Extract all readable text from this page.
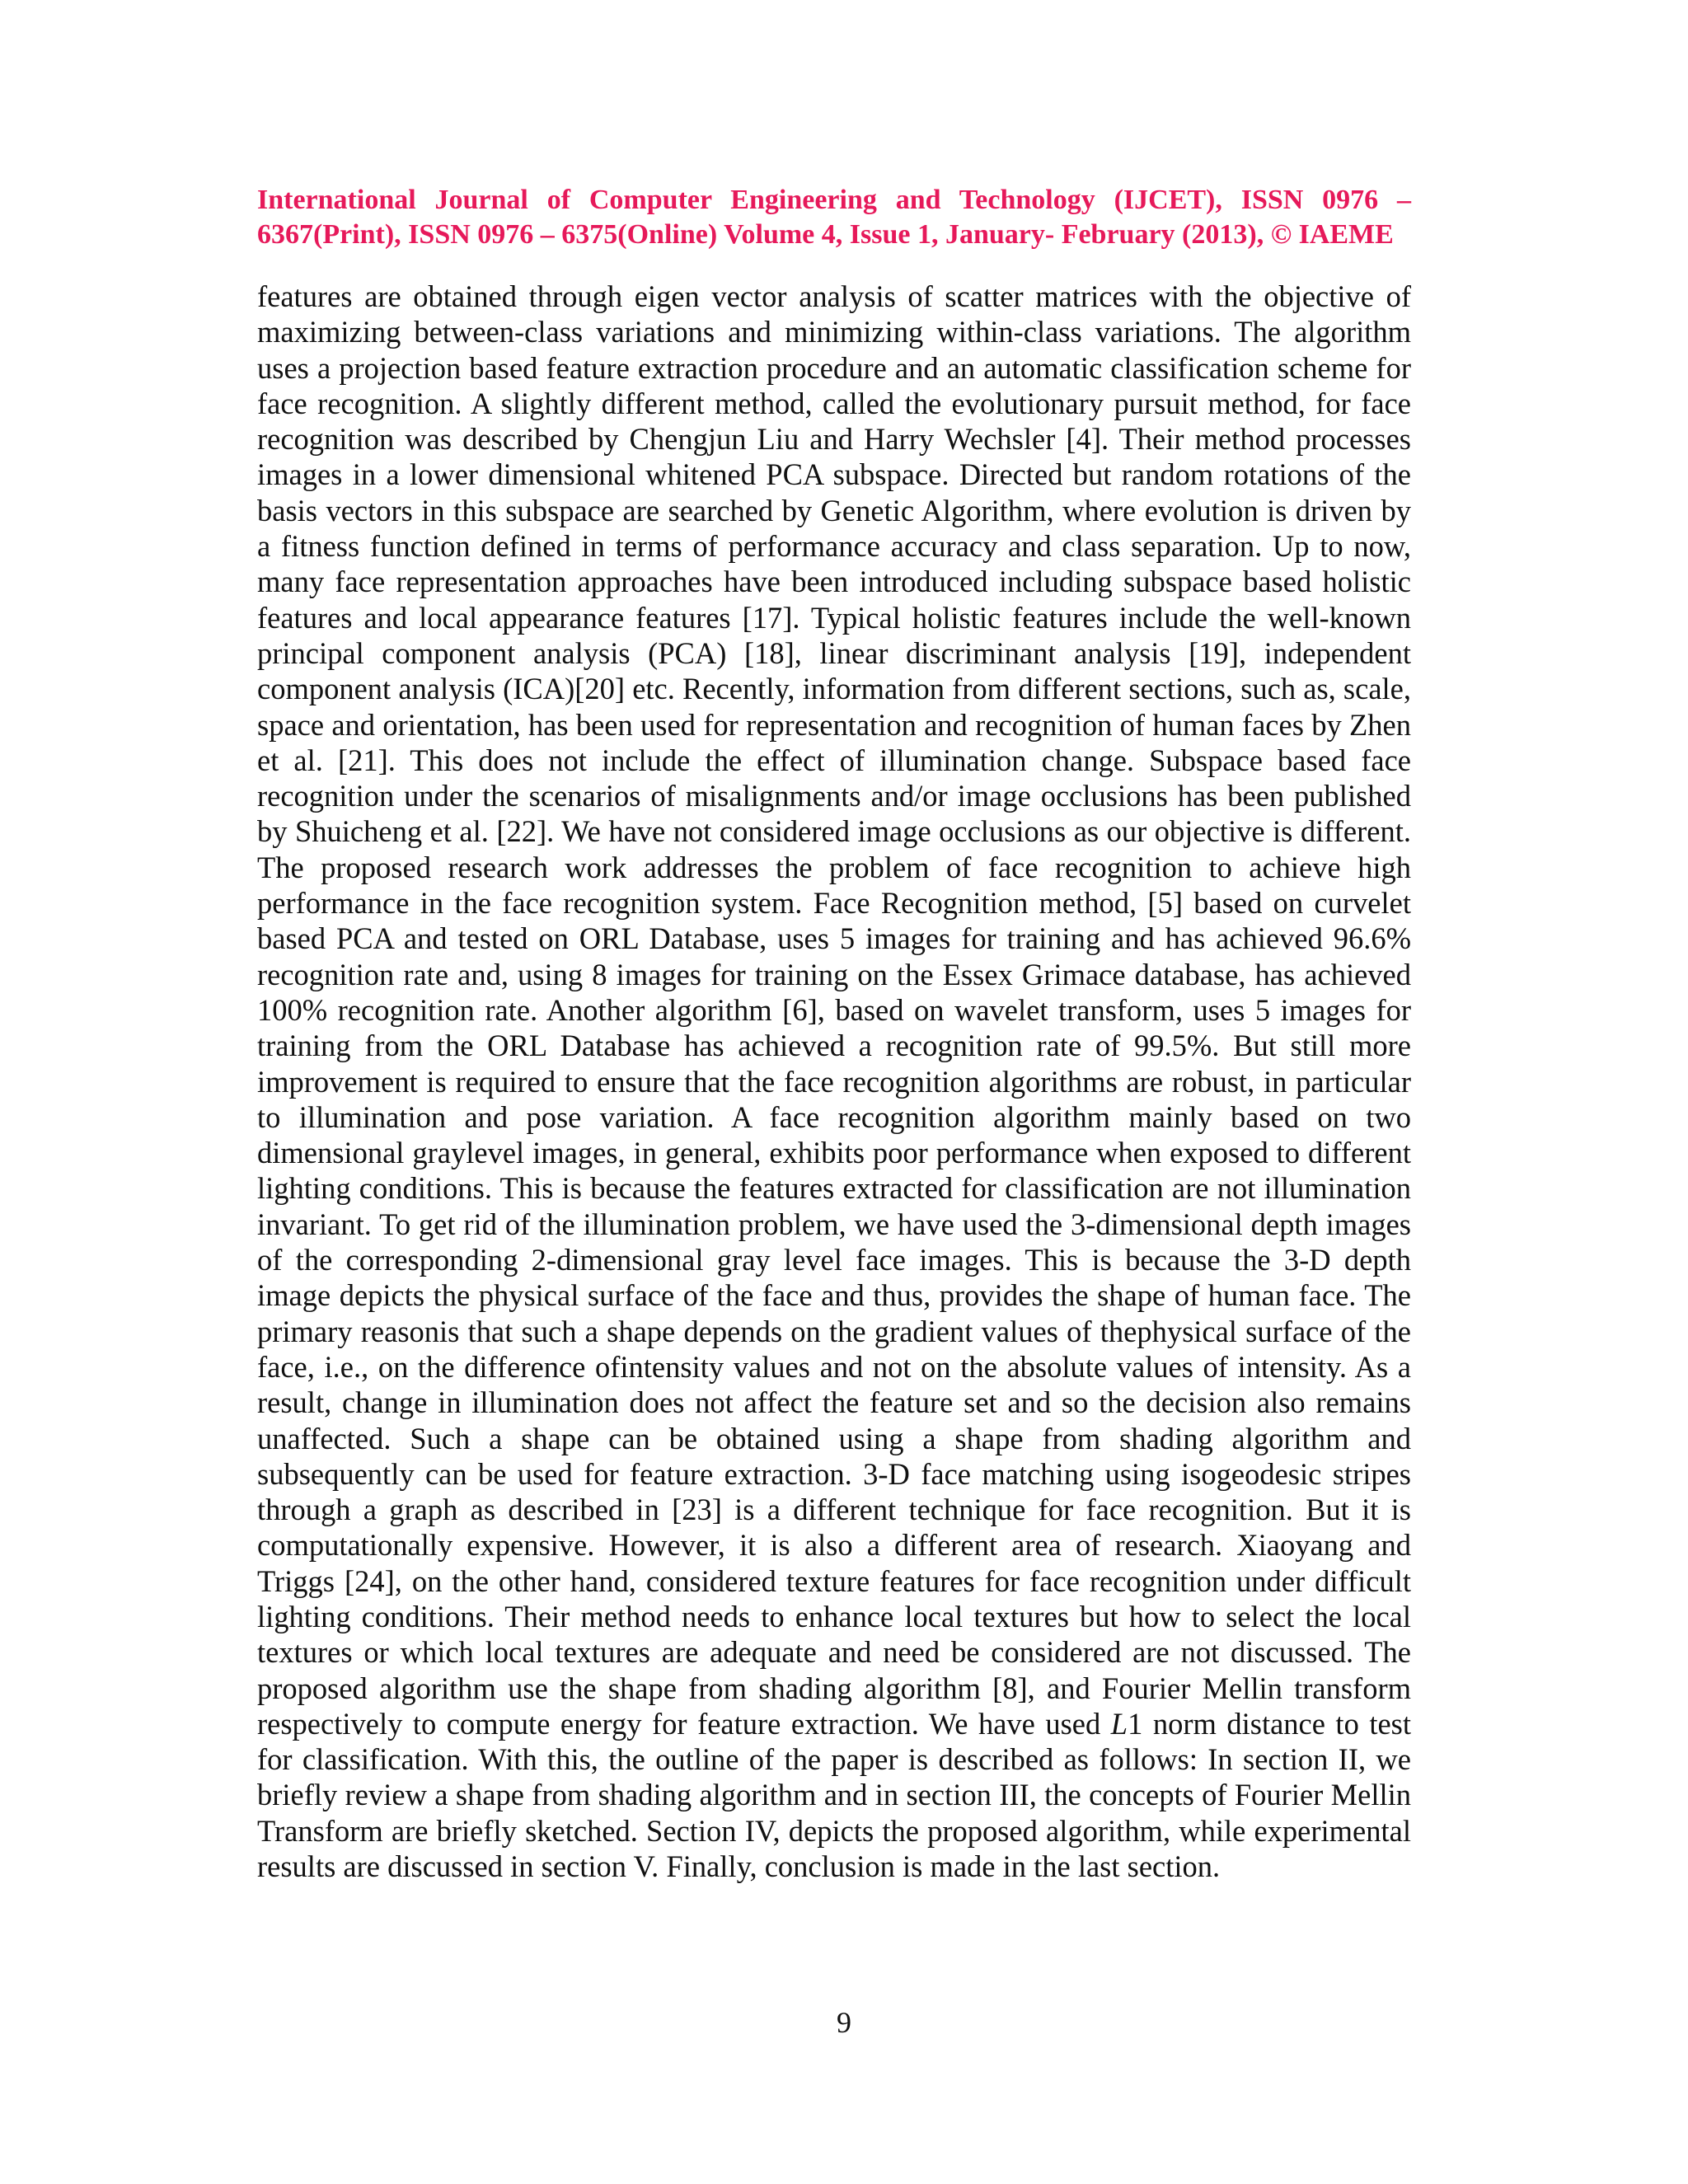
International Journal of Computer Engineering and Technology (IJCET), ISSN 0976 – 6367(Print), ISSN 0976 – 6375(Online) Volume 4, Issue 1, January- February (2013), © IAEME

features are obtained through eigen vector analysis of scatter matrices with the objective of maximizing between-class variations and minimizing within-class variations. The algorithm uses a projection based feature extraction procedure and an automatic classification scheme for face recognition. A slightly different method, called the evolutionary pursuit method, for face recognition was described by Chengjun Liu and Harry Wechsler [4]. Their method processes images in a lower dimensional whitened PCA subspace. Directed but random rotations of the basis vectors in this subspace are searched by Genetic Algorithm, where evolution is driven by a fitness function defined in terms of performance accuracy and class separation. Up to now, many face representation approaches have been introduced including subspace based holistic features and local appearance features [17]. Typical holistic features include the well-known principal component analysis (PCA) [18], linear discriminant analysis [19], independent component analysis (ICA)[20] etc. Recently, information from different sections, such as, scale, space and orientation, has been used for representation and recognition of human faces by Zhen et al. [21]. This does not include the effect of illumination change. Subspace based face recognition under the scenarios of misalignments and/or image occlusions has been published by Shuicheng et al. [22]. We have not considered image occlusions as our objective is different. The proposed research work addresses the problem of face recognition to achieve high performance in the face recognition system. Face Recognition method, [5] based on curvelet based PCA and tested on ORL Database, uses 5 images for training and has achieved 96.6% recognition rate and, using 8 images for training on the Essex Grimace database, has achieved 100% recognition rate. Another algorithm [6], based on wavelet transform, uses 5 images for training from the ORL Database has achieved a recognition rate of 99.5%. But still more improvement is required to ensure that the face recognition algorithms are robust, in particular to illumination and pose variation. A face recognition algorithm mainly based on two dimensional graylevel images, in general, exhibits poor performance when exposed to different lighting conditions. This is because the features extracted for classification are not illumination invariant. To get rid of the illumination problem, we have used the 3-dimensional depth images of the corresponding 2-dimensional gray level face images. This is because the 3-D depth image depicts the physical surface of the face and thus, provides the shape of human face. The primary reasonis that such a shape depends on the gradient values of thephysical surface of the face, i.e., on the difference ofintensity values and not on the absolute values of intensity. As a result, change in illumination does not affect the feature set and so the decision also remains unaffected. Such a shape can be obtained using a shape from shading algorithm and subsequently can be used for feature extraction. 3-D face matching using isogeodesic stripes through a graph as described in [23] is a different technique for face recognition. But it is computationally expensive. However, it is also a different area of research. Xiaoyang and Triggs [24], on the other hand, considered texture features for face recognition under difficult lighting conditions. Their method needs to enhance local textures but how to select the local textures or which local textures are adequate and need be considered are not discussed. The proposed algorithm use the shape from shading algorithm [8], and Fourier Mellin transform respectively to compute energy for feature extraction. We have used L1 norm distance to test for classification. With this, the outline of the paper is described as follows: In section II, we briefly review a shape from shading algorithm and in section III, the concepts of Fourier Mellin Transform are briefly sketched. Section IV, depicts the proposed algorithm, while experimental results are discussed in section V. Finally, conclusion is made in the last section.

9
